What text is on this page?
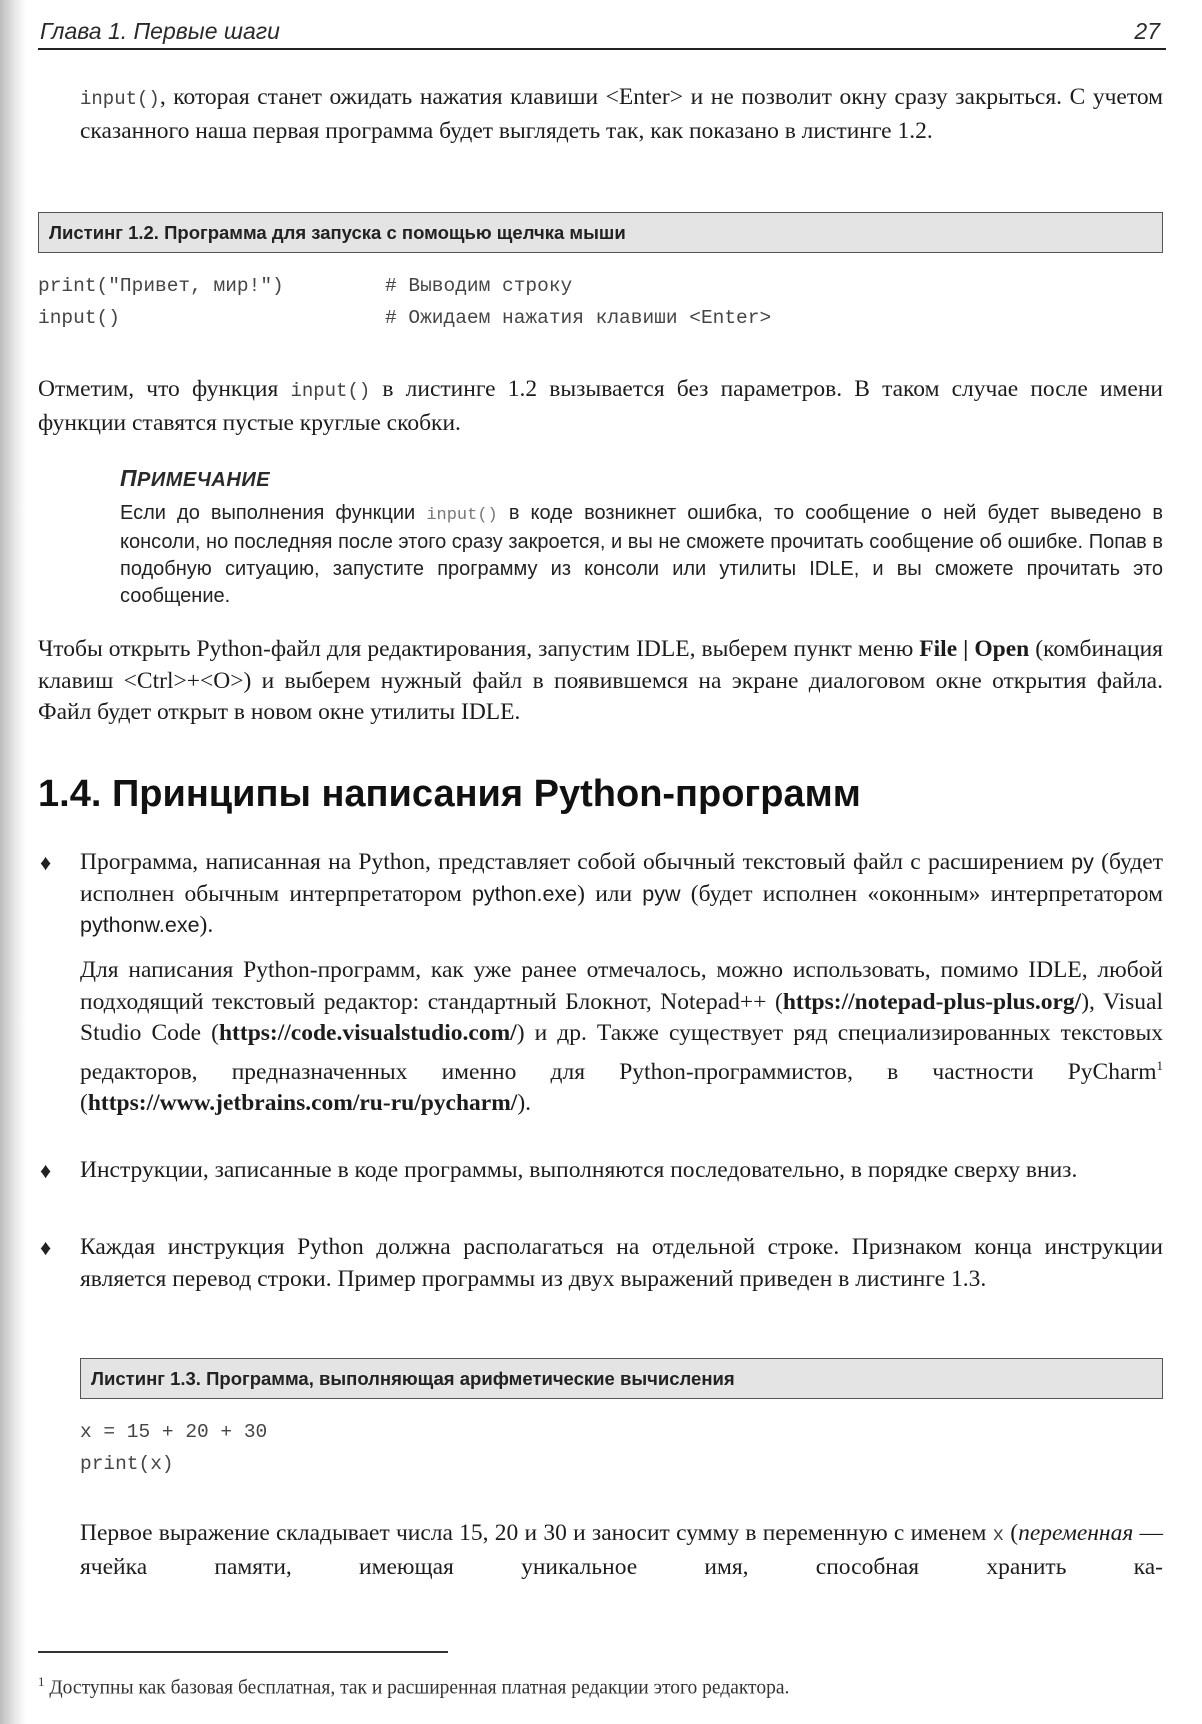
Глава 1. Первые шаги	27
input(), которая станет ожидать нажатия клавиши <Enter> и не позволит окну сразу закрыться. С учетом сказанного наша первая программа будет выглядеть так, как показано в листинге 1.2.
Листинг 1.2. Программа для запуска с помощью щелчка мыши
print("Привет, мир!")	# Выводим строку
input()	# Ожидаем нажатия клавиши <Enter>
Отметим, что функция input() в листинге 1.2 вызывается без параметров. В таком случае после имени функции ставятся пустые круглые скобки.
ПРИМЕЧАНИЕ
Если до выполнения функции input() в коде возникнет ошибка, то сообщение о ней будет выведено в консоли, но последняя после этого сразу закроется, и вы не сможете прочитать сообщение об ошибке. Попав в подобную ситуацию, запустите программу из консоли или утилиты IDLE, и вы сможете прочитать это сообщение.
Чтобы открыть Python-файл для редактирования, запустим IDLE, выберем пункт меню File | Open (комбинация клавиш <Ctrl>+<O>) и выберем нужный файл в появившемся на экране диалоговом окне открытия файла. Файл будет открыт в новом окне утилиты IDLE.
1.4. Принципы написания Python-программ
♦ Программа, написанная на Python, представляет собой обычный текстовый файл с расширением py (будет исполнен обычным интерпретатором python.exe) или pyw (будет исполнен «оконным» интерпретатором pythonw.exe).
Для написания Python-программ, как уже ранее отмечалось, можно использовать, помимо IDLE, любой подходящий текстовый редактор: стандартный Блокнот, Notepad++ (https://notepad-plus-plus.org/), Visual Studio Code (https://code.visualstudio.com/) и др. Также существует ряд специализированных текстовых редакторов, предназначенных именно для Python-программистов, в частности PyCharm$^1$ (https://www.jetbrains.com/ru-ru/pycharm/).
♦ Инструкции, записанные в коде программы, выполняются последовательно, в порядке сверху вниз.
♦ Каждая инструкция Python должна располагаться на отдельной строке. Признаком конца инструкции является перевод строки. Пример программы из двух выражений приведен в листинге 1.3.
Листинг 1.3. Программа, выполняющая арифметические вычисления
x = 15 + 20 + 30
print(x)
Первое выражение складывает числа 15, 20 и 30 и заносит сумму в переменную с именем x (переменная — ячейка памяти, имеющая уникальное имя, способная хранить ка-
$^1$ Доступны как базовая бесплатная, так и расширенная платная редакции этого редактора.
